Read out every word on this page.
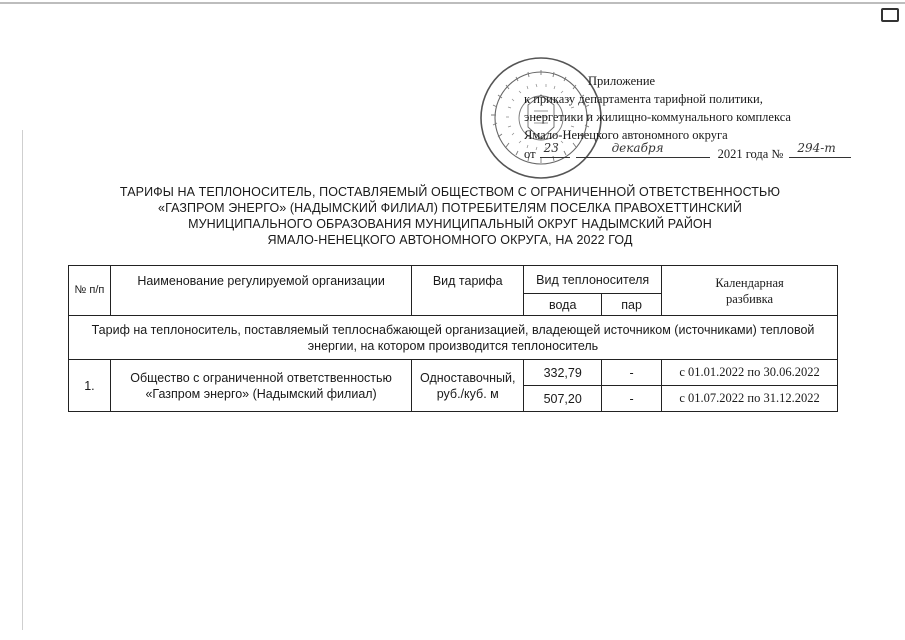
Приложение
к приказу департамента тарифной политики,
энергетики и жилищно-коммунального комплекса
Ямало-Ненецкого автономного округа
от 23	декабря	2021 года № 294-т
ТАРИФЫ НА ТЕПЛОНОСИТЕЛЬ, ПОСТАВЛЯЕМЫЙ ОБЩЕСТВОМ С ОГРАНИЧЕННОЙ ОТВЕТСТВЕННОСТЬЮ
«ГАЗПРОМ ЭНЕРГО» (НАДЫМСКИЙ ФИЛИАЛ) ПОТРЕБИТЕЛЯМ ПОСЕЛКА ПРАВОХЕТТИНСКИЙ
МУНИЦИПАЛЬНОГО ОБРАЗОВАНИЯ МУНИЦИПАЛЬНЫЙ ОКРУГ НАДЫМСКИЙ РАЙОН
ЯМАЛО-НЕНЕЦКОГО АВТОНОМНОГО ОКРУГА, НА 2022 ГОД
№ п/п	Наименование регулируемой организации	Вид тарифа	Вид теплоносителя		Календарная разбивка
			вода	пар	
Тариф на теплоноситель, поставляемый теплоснабжающей организацией, владеющей источником (источниками) тепловой энергии, на котором производится теплоноситель					
1.	Общество с ограниченной ответственностью «Газпром энерго» (Надымский филиал)	Одноставочный, руб./куб. м	332,79	-	с 01.01.2022 по 30.06.2022
			507,20	-	с 01.07.2022 по 31.12.2022
